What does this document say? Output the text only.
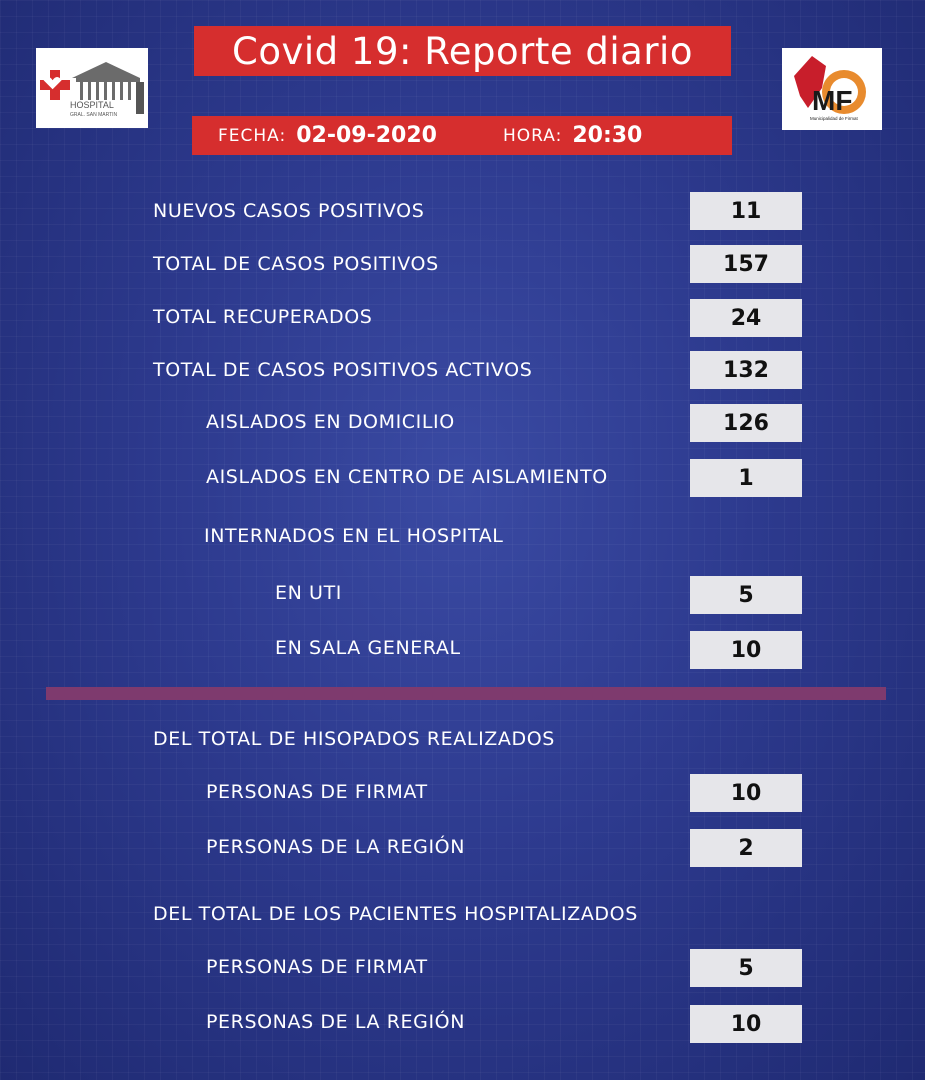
Covid 19: Reporte diario
FECHA: 02-09-2020	HORA: 20:30
HOSPITAL
GRAL. SAN MARTIN	MF
Municipalidad de Firmat
NUEVOS CASOS POSITIVOS	11
TOTAL DE CASOS POSITIVOS	157
TOTAL RECUPERADOS	24
TOTAL DE CASOS POSITIVOS ACTIVOS	132
AISLADOS EN DOMICILIO	126
AISLADOS EN CENTRO DE AISLAMIENTO	1
INTERNADOS EN EL HOSPITAL
EN UTI	5
EN SALA GENERAL	10
DEL TOTAL DE HISOPADOS REALIZADOS
PERSONAS DE FIRMAT	10
PERSONAS DE LA REGIÓN	2
DEL TOTAL DE LOS PACIENTES HOSPITALIZADOS
PERSONAS DE FIRMAT	5
PERSONAS DE LA REGIÓN	10
